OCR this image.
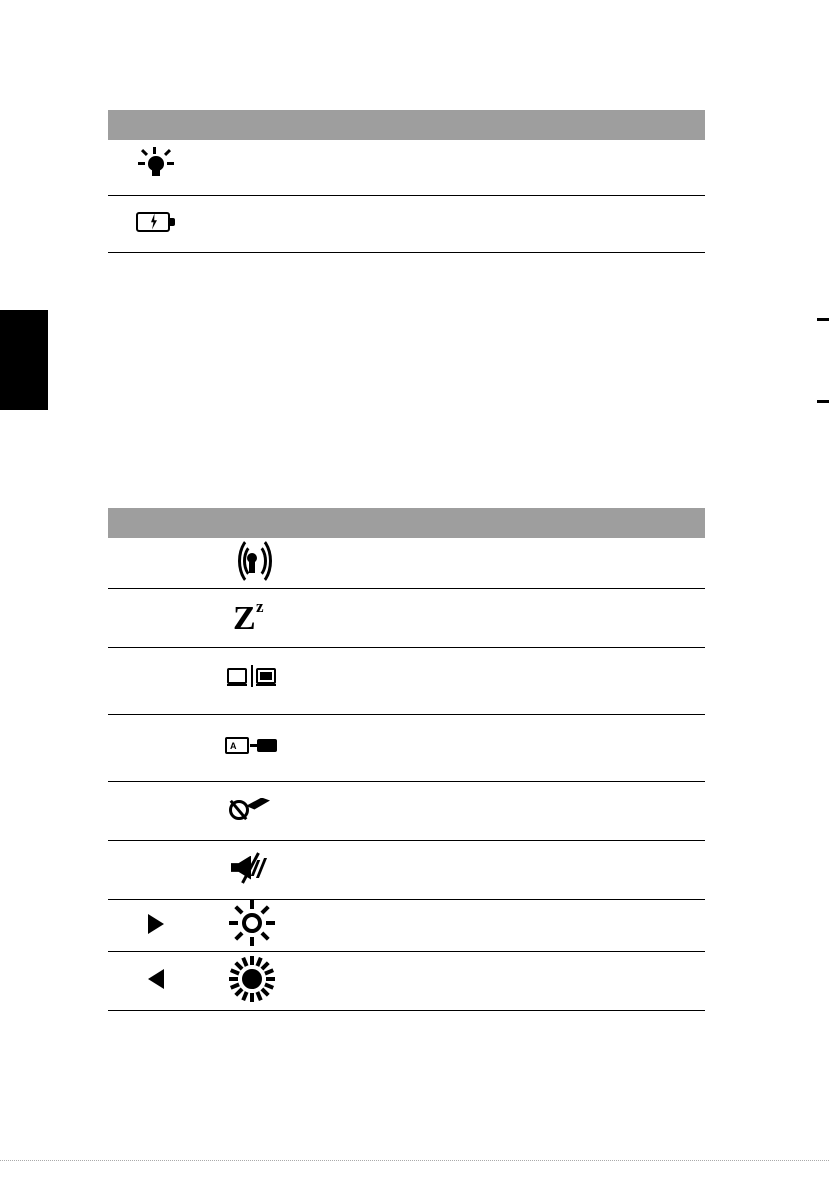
	Z z	

	A	
